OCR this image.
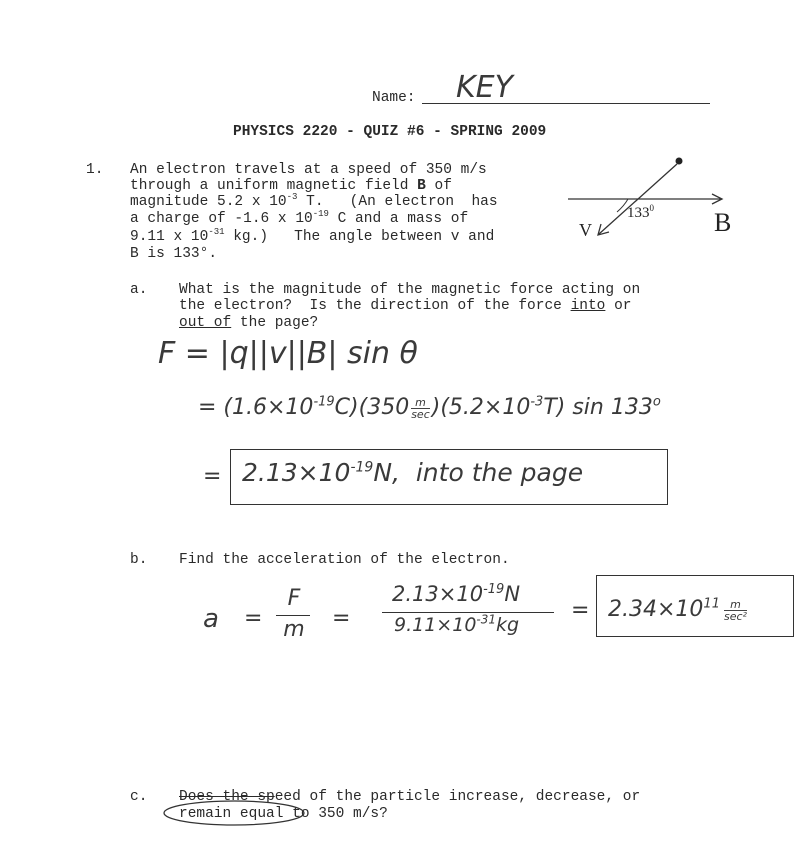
Name: KEY
PHYSICS 2220 - QUIZ #6 - SPRING 2009
1. An electron travels at a speed of 350 m/s
through a uniform magnetic field B of
magnitude 5.2 x $10^{-3}$ T.   (An electron  has
a charge of -1.6 x $10^{-19}$ C and a mass of
9.11 x $10^{-31}$ kg.)   The angle between v and
B is 133°.
V
$133^0$ B
a. What is the magnitude of the magnetic force acting on
the electron?  Is the direction of the force into or
out of the page?
F = |q||v||B| sin θ
= $(1.6\times 10^{-19}C)(350$ m
$\sec )(5.2\times 10^{-3}T)$ $\sin 133^o$
= $2.13\times 10^{-19}N$,  into the page
b. Find the acceleration of the electron.
a =
F
m =
$2.13\times 10^{-19}N$
$9.11\times 10^{-31}kg$
= $2.34\times 10^{11}$ m
sec²
c. Does the speed of the particle increase, decrease, or
remain equal to 350 m/s?
